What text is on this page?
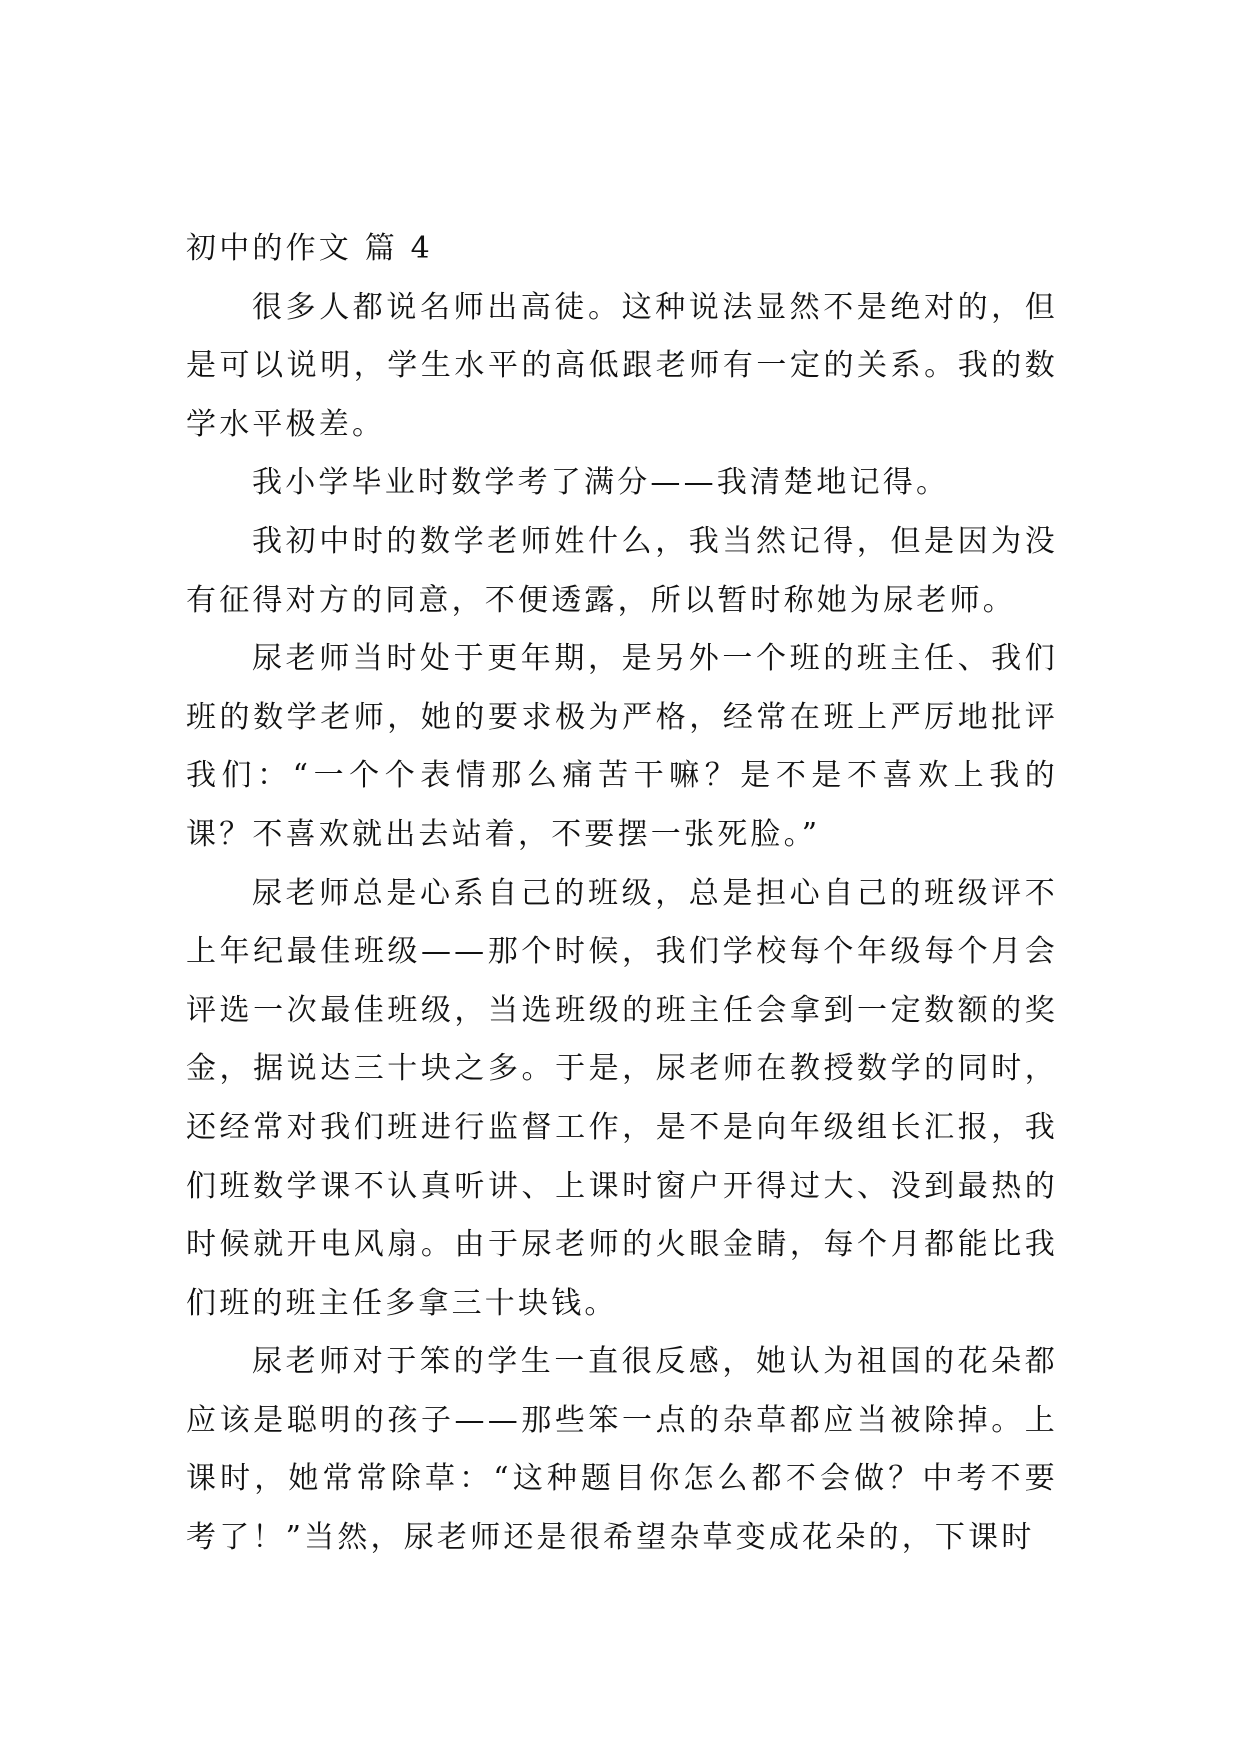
初中的作文 篇 4

很多人都说名师出高徒。这种说法显然不是绝对的，但是可以说明，学生水平的高低跟老师有一定的关系。我的数学水平极差。

我小学毕业时数学考了满分——我清楚地记得。

我初中时的数学老师姓什么，我当然记得，但是因为没有征得对方的同意，不便透露，所以暂时称她为尿老师。

尿老师当时处于更年期，是另外一个班的班主任、我们班的数学老师，她的要求极为严格，经常在班上严厉地批评我们：“一个个表情那么痛苦干嘛？是不是不喜欢上我的课？不喜欢就出去站着，不要摆一张死脸。”

尿老师总是心系自己的班级，总是担心自己的班级评不上年纪最佳班级——那个时候，我们学校每个年级每个月会评选一次最佳班级，当选班级的班主任会拿到一定数额的奖金，据说达三十块之多。于是，尿老师在教授数学的同时，还经常对我们班进行监督工作，是不是向年级组长汇报，我们班数学课不认真听讲、上课时窗户开得过大、没到最热的时候就开电风扇。由于尿老师的火眼金睛，每个月都能比我们班的班主任多拿三十块钱。

尿老师对于笨的学生一直很反感，她认为祖国的花朵都应该是聪明的孩子——那些笨一点的杂草都应当被除掉。上课时，她常常除草：“这种题目你怎么都不会做？中考不要考了！”当然，尿老师还是很希望杂草变成花朵的，下课时
